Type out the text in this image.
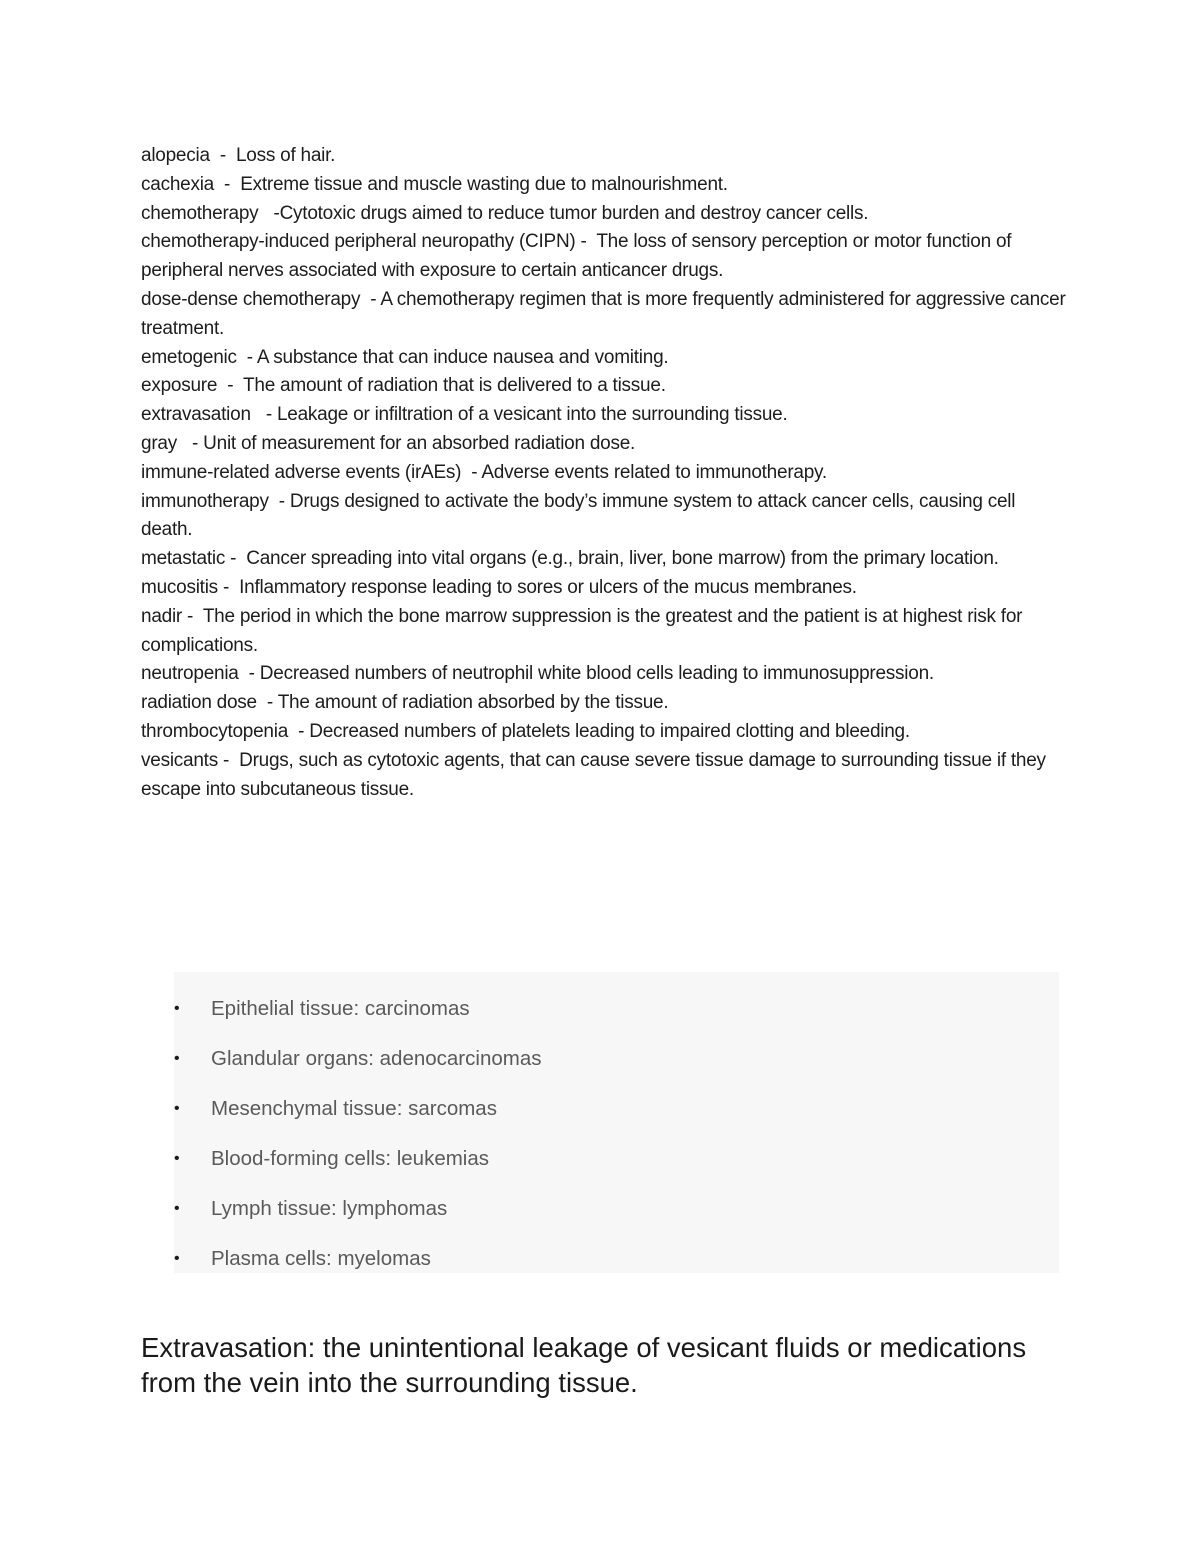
alopecia  -  Loss of hair.

cachexia  -  Extreme tissue and muscle wasting due to malnourishment.

chemotherapy   -Cytotoxic drugs aimed to reduce tumor burden and destroy cancer cells.

chemotherapy-induced peripheral neuropathy (CIPN) -  The loss of sensory perception or motor function of peripheral nerves associated with exposure to certain anticancer drugs.

dose-dense chemotherapy  - A chemotherapy regimen that is more frequently administered for aggressive cancer treatment.

emetogenic  - A substance that can induce nausea and vomiting.

exposure  -  The amount of radiation that is delivered to a tissue.

extravasation   - Leakage or infiltration of a vesicant into the surrounding tissue.

gray   - Unit of measurement for an absorbed radiation dose.

immune-related adverse events (irAEs)  - Adverse events related to immunotherapy.

immunotherapy  - Drugs designed to activate the body’s immune system to attack cancer cells, causing cell death.

metastatic -  Cancer spreading into vital organs (e.g., brain, liver, bone marrow) from the primary location.

mucositis -  Inflammatory response leading to sores or ulcers of the mucus membranes.

nadir -  The period in which the bone marrow suppression is the greatest and the patient is at highest risk for complications.

neutropenia  - Decreased numbers of neutrophil white blood cells leading to immunosuppression.

radiation dose  - The amount of radiation absorbed by the tissue.

thrombocytopenia  - Decreased numbers of platelets leading to impaired clotting and bleeding.

vesicants -  Drugs, such as cytotoxic agents, that can cause severe tissue damage to surrounding tissue if they escape into subcutaneous tissue.

•	Epithelial tissue: carcinomas
•	Glandular organs: adenocarcinomas
•	Mesenchymal tissue: sarcomas
•	Blood-forming cells: leukemias
•	Lymph tissue: lymphomas
•	Plasma cells: myelomas

Extravasation: the unintentional leakage of vesicant fluids or medications from the vein into the surrounding tissue.
